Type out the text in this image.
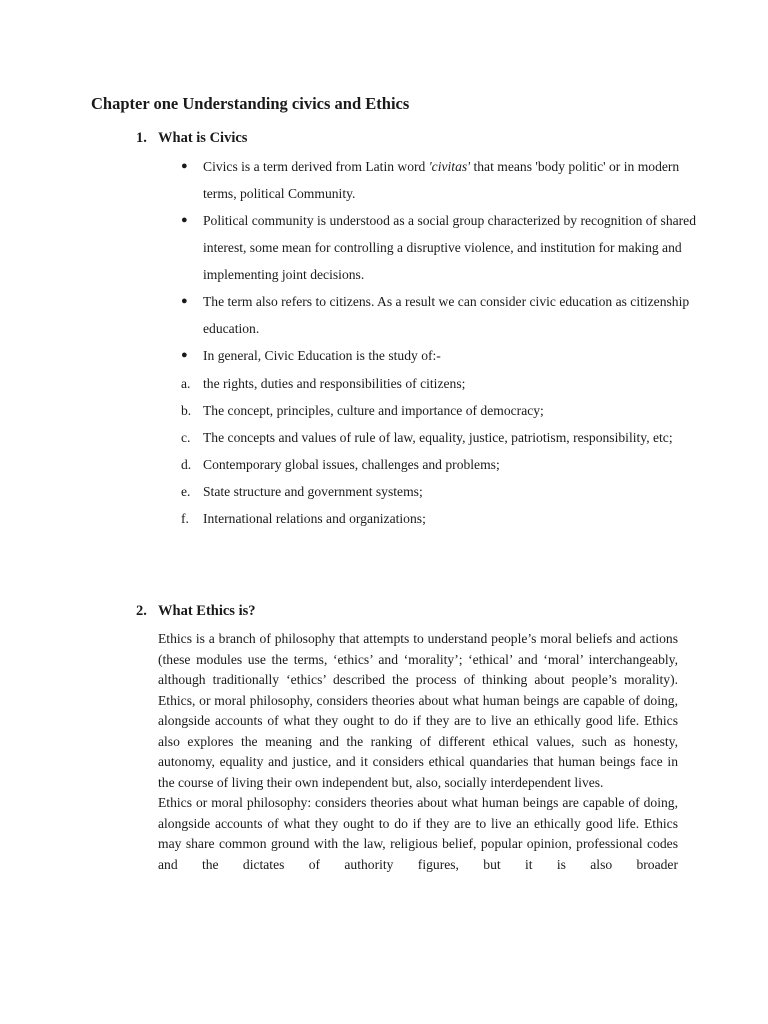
Chapter one Understanding civics and Ethics
1. What is Civics
● Civics is a term derived from Latin word 'civitas' that means 'body politic' or in modern terms, political Community.
● Political community is understood as a social group characterized by recognition of shared interest, some mean for controlling a disruptive violence, and institution for making and implementing joint decisions.
● The term also refers to citizens. As a result we can consider civic education as citizenship education.
● In general, Civic Education is the study of:-
a. the rights, duties and responsibilities of citizens;
b. The concept, principles, culture and importance of democracy;
c. The concepts and values of rule of law, equality, justice, patriotism, responsibility, etc;
d. Contemporary global issues, challenges and problems;
e. State structure and government systems;
f. International relations and organizations;
2. What Ethics is?

Ethics is a branch of philosophy that attempts to understand people’s moral beliefs and actions (these modules use the terms, ‘ethics’ and ‘morality’; ‘ethical’ and ‘moral’ interchangeably, although traditionally ‘ethics’ described the process of thinking about people’s morality). Ethics, or moral philosophy, considers theories about what human beings are capable of doing, alongside accounts of what they ought to do if they are to live an ethically good life. Ethics also explores the meaning and the ranking of different ethical values, such as honesty, autonomy, equality and justice, and it considers ethical quandaries that human beings face in the course of living their own independent but, also, socially interdependent lives.

Ethics or moral philosophy: considers theories about what human beings are capable of doing, alongside accounts of what they ought to do if they are to live an ethically good life. Ethics may share common ground with the law, religious belief, popular opinion, professional codes and the dictates of authority figures, but it is also broader
